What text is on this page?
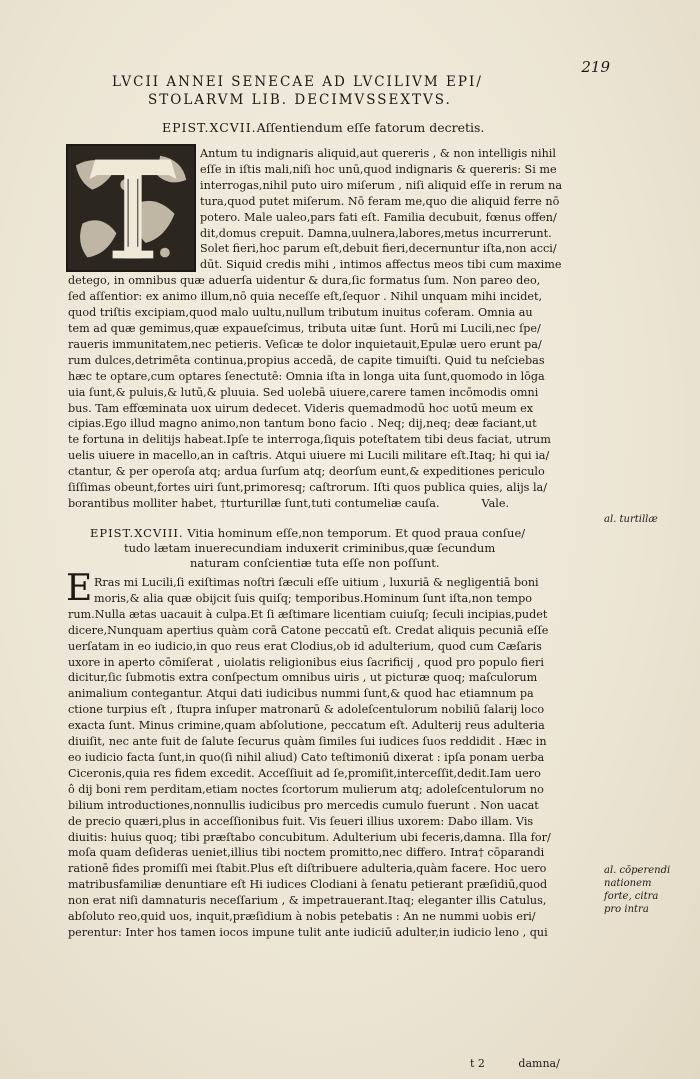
219
LVCII ANNEI SENECAE AD LVCILIVM EPI/
STOLARVM LIB. DECIMVSSEXTVS.
EPIST.XCVII.Aſſentiendum eſſe fatorum decretis.
Antum tu indignaris aliquid,aut quereris , & non intelligis nihil
eſſe in iſtis mali,niſi hoc unū,quod indignaris & quereris: Si me
interrogas,nihil puto uiro miſerum , niſi aliquid eſſe in rerum na
tura,quod putet miſerum. Nō feram me,quo die aliquid ferre nō
potero. Male ualeo,pars fati eſt. Familia decubuit, fœnus offen/
dit,domus crepuit. Damna,uulnera,labores,metus incurrerunt.
Solet fieri,hoc parum eſt,debuit fieri,decernuntur iſta,non acci/
dūt. Siquid credis mihi , intimos affectus meos tibi cum maxime
detego, in omnibus quæ aduerſa uidentur & dura,ſic formatus ſum. Non pareo deo,
ſed aſſentior: ex animo illum,nō quia neceſſe eſt,ſequor . Nihil unquam mihi incidet,
quod triſtis excipiam,quod malo uultu,nullum tributum inuitus coferam. Omnia au
tem ad quæ gemimus,quæ expaueſcimus, tributa uitæ ſunt. Horū mi Lucili,nec ſpe/
raueris immunitatem,nec petieris. Veſicæ te dolor inquietauit,Epulæ uero erunt pa/
rum dulces,detrimēta continua,propius accedā, de capite timuiſti. Quid tu neſciebas
hæc te optare,cum optares ſenectutē: Omnia iſta in longa uita ſunt,quomodo in lōga
uia ſunt,& puluis,& lutū,& pluuia. Sed uolebā uiuere,carere tamen incōmodis omni
bus. Tam effœminata uox uirum dedecet. Videris quemadmodū hoc uotū meum ex
cipias.Ego illud magno animo,non tantum bono facio . Neq; dij,neq; deæ faciant,ut
te fortuna in delitijs habeat.Ipſe te interroga,ſiquis poteſtatem tibi deus faciat, utrum
uelis uiuere in macello,an in caſtris. Atqui uiuere mi Lucili militare eſt.Itaq; hi qui ia/
ctantur, & per operoſa atq; ardua ſurſum atq; deorſum eunt,& expeditiones periculo
ſiſſimas obeunt,fortes uiri ſunt,primoresq; caſtrorum. Iſti quos publica quies, alijs la/
borantibus molliter habet, †turturillæ ſunt,tuti contumeliæ cauſa.	Vale.
EPIST.XCVIII. Vitia hominum eſſe,non temporum. Et quod praua conſue/
tudo lætam inuerecundiam induxerit criminibus,quæ ſecundum
naturam conſcientiæ tuta eſſe non poſſunt.
E Rras mi Lucili,ſi exiſtimas noſtri ſæculi eſſe uitium , luxuriā & negligentiā boni
moris,& alia quæ obijcit ſuis quiſq; temporibus.Hominum ſunt iſta,non tempo
rum.Nulla ætas uacauit à culpa.Et ſi æſtimare licentiam cuiuſq; ſeculi incipias,pudet
dicere,Nunquam apertius quàm corā Catone peccatū eſt. Credat aliquis pecuniā eſſe
uerſatam in eo iudicio,in quo reus erat Clodius,ob id adulterium, quod cum Cæſaris
uxore in aperto cōmiſerat , uiolatis religionibus eius ſacrificij , quod pro populo fieri
dicitur,ſic ſubmotis extra conſpectum omnibus uiris , ut picturæ quoq; maſculorum
animalium contegantur. Atqui dati iudicibus nummi ſunt,& quod hac etiamnum pa
ctione turpius eſt , ſtupra inſuper matronarū & adoleſcentulorum nobiliū ſalarij loco
exacta ſunt. Minus crimine,quam abſolutione, peccatum eſt. Adulterij reus adulteria
diuiſit, nec ante fuit de ſalute ſecurus quàm ſimiles ſui iudices ſuos reddidit . Hæc in
eo iudicio facta ſunt,in quo(ſi nihil aliud) Cato teſtimoniū dixerat : ipſa ponam uerba
Ciceronis,quia res fidem excedit. Acceſſiuit ad ſe,promiſit,interceſſit,dedit.Iam uero
ô dij boni rem perditam,etiam noctes ſcortorum mulierum atq; adoleſcentulorum no
bilium introductiones,nonnullis iudicibus pro mercedis cumulo fuerunt . Non uacat
de precio quæri,plus in acceſſionibus fuit. Vis ſeueri illius uxorem: Dabo illam. Vis
diuitis: huius quoq; tibi præſtabo concubitum. Adulterium ubi feceris,damna. Illa for/
moſa quam deſideras ueniet,illius tibi noctem promitto,nec differo. Intra† cōparandi
rationē fides promiſſi mei ſtabit.Plus eſt diſtribuere adulteria,quàm facere. Hoc uero
matribusfamiliæ denuntiare eſt Hi iudices Clodiani à ſenatu petierant præſidiū,quod
non erat niſi damnaturis neceſſarium , & impetrauerant.Itaq; eleganter illis Catulus,
abſoluto reo,quid uos, inquit,præſidium à nobis petebatis : An ne nummi uobis eri/
perentur: Inter hos tamen iocos impune tulit ante iudiciū adulter,in iudicio leno , qui
al. turtillæ
al. cōperendi
nationem
forte, citra
pro intra
t 2	damna/
